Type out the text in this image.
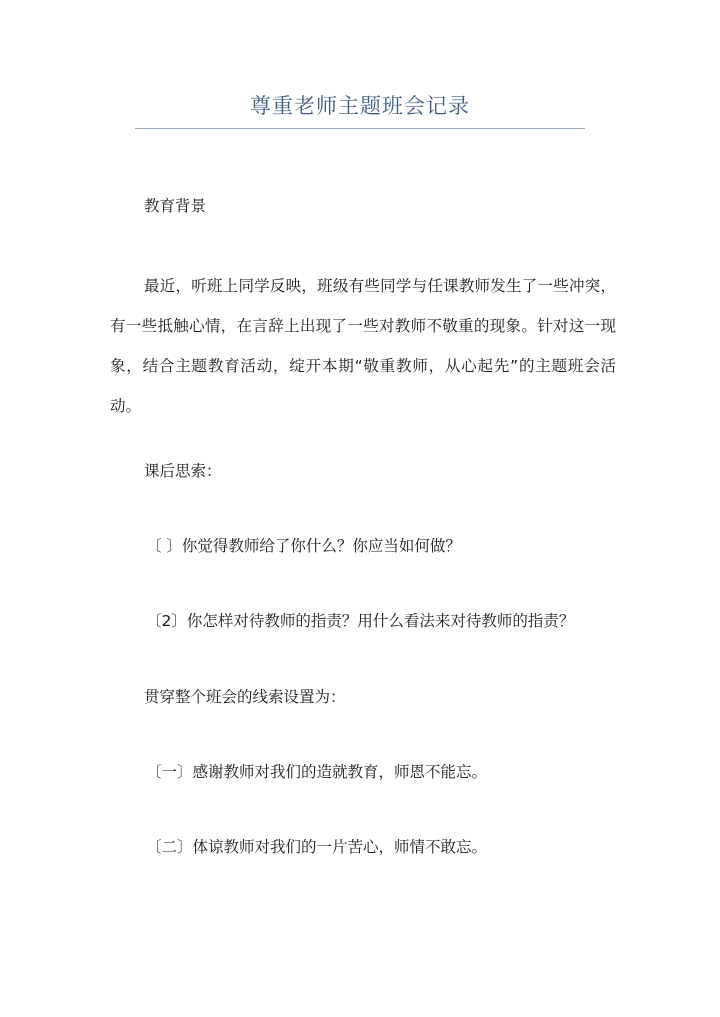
尊重老师主题班会记录
教育背景
最近，听班上同学反映，班级有些同学与任课教师发生了一些冲突，有一些抵触心情，在言辞上出现了一些对教师不敬重的现象。针对这一现象，结合主题教育活动，绽开本期“敬重教师，从心起先”的主题班会活动。
课后思索：
〔 〕你觉得教师给了你什么？你应当如何做？
〔2〕你怎样对待教师的指责？用什么看法来对待教师的指责？
贯穿整个班会的线索设置为：
〔一〕感谢教师对我们的造就教育，师恩不能忘。
〔二〕体谅教师对我们的一片苦心，师情不敢忘。
